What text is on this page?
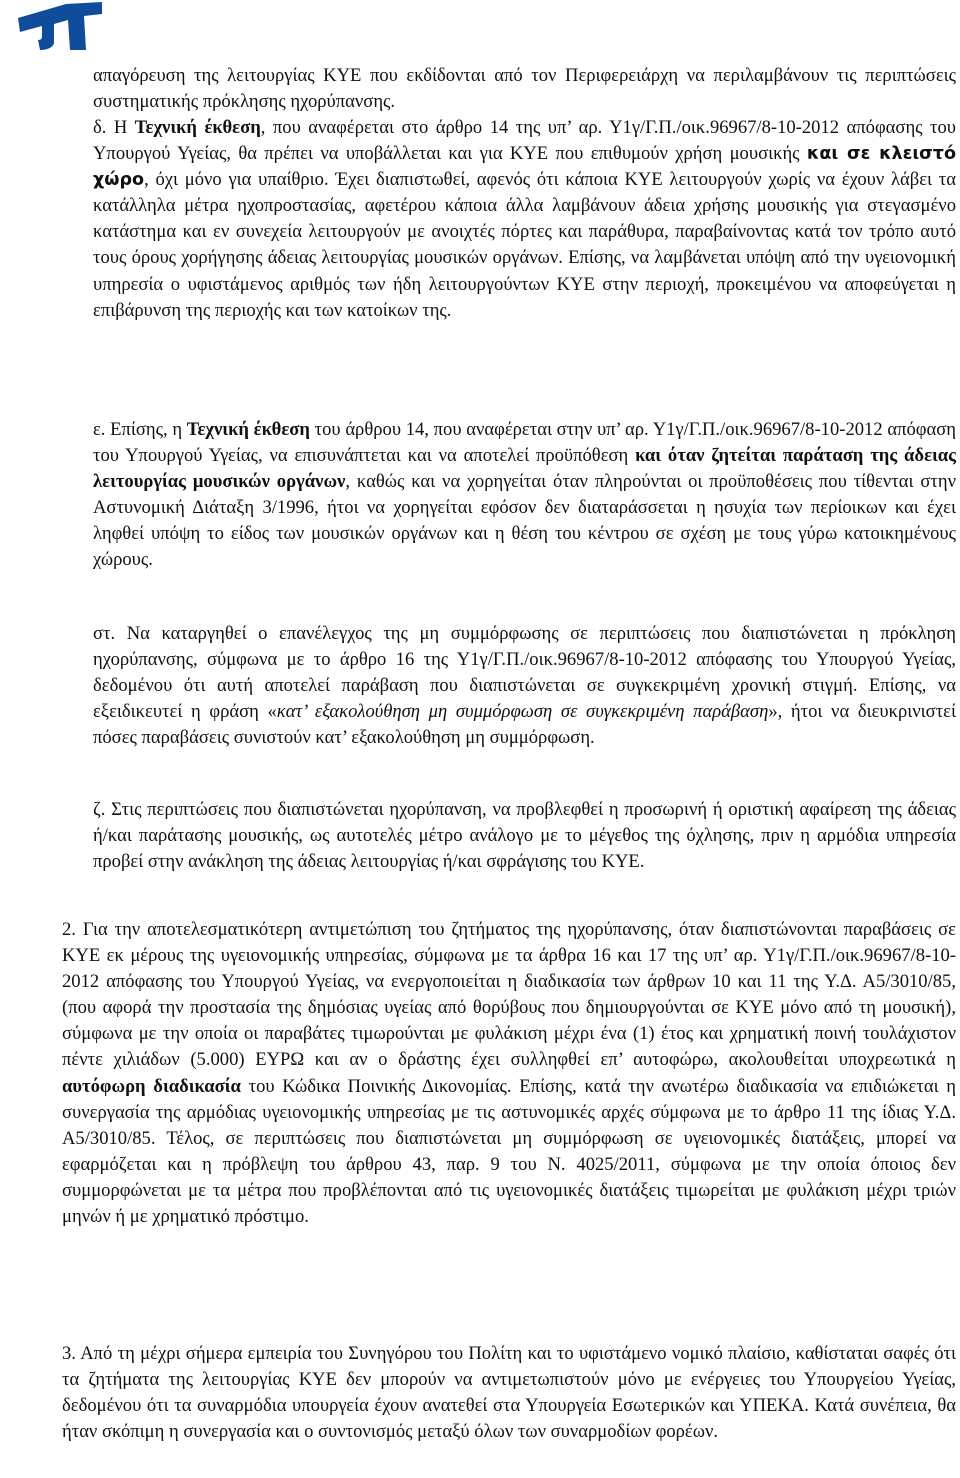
απαγόρευση της λειτουργίας ΚΥΕ που εκδίδονται από τον Περιφερειάρχη να περιλαμβάνουν τις περιπτώσεις συστηματικής πρόκλησης ηχορύπανσης.

δ. Η Τεχνική έκθεση, που αναφέρεται στο άρθρο 14 της υπ’ αρ. Υ1γ/Γ.Π./οικ.96967/8-10-2012 απόφασης του Υπουργού Υγείας, θα πρέπει να υποβάλλεται και για ΚΥΕ που επιθυμούν χρήση μουσικής και σε κλειστό χώρο, όχι μόνο για υπαίθριο. Έχει διαπιστωθεί, αφενός ότι κάποια ΚΥΕ λειτουργούν χωρίς να έχουν λάβει τα κατάλληλα μέτρα ηχοπροστασίας, αφετέρου κάποια άλλα λαμβάνουν άδεια χρήσης μουσικής για στεγασμένο κατάστημα και εν συνεχεία λειτουργούν με ανοιχτές πόρτες και παράθυρα, παραβαίνοντας κατά τον τρόπο αυτό τους όρους χορήγησης άδειας λειτουργίας μουσικών οργάνων. Επίσης, να λαμβάνεται υπόψη από την υγειονομική υπηρεσία ο υφιστάμενος αριθμός των ήδη λειτουργούντων ΚΥΕ στην περιοχή, προκειμένου να αποφεύγεται η επιβάρυνση της περιοχής και των κατοίκων της.

ε. Επίσης, η Τεχνική έκθεση του άρθρου 14, που αναφέρεται στην υπ’ αρ. Υ1γ/Γ.Π./οικ.96967/8-10-2012 απόφαση του Υπουργού Υγείας, να επισυνάπτεται και να αποτελεί προϋπόθεση και όταν ζητείται παράταση της άδειας λειτουργίας μουσικών οργάνων, καθώς και να χορηγείται όταν πληρούνται οι προϋποθέσεις που τίθενται στην Αστυνομική Διάταξη 3/1996, ήτοι να χορηγείται εφόσον δεν διαταράσσεται η ησυχία των περίοικων και έχει ληφθεί υπόψη το είδος των μουσικών οργάνων και η θέση του κέντρου σε σχέση με τους γύρω κατοικημένους χώρους.

στ. Να καταργηθεί ο επανέλεγχος της μη συμμόρφωσης σε περιπτώσεις που διαπιστώνεται η πρόκληση ηχορύπανσης, σύμφωνα με το άρθρο 16 της Υ1γ/Γ.Π./οικ.96967/8-10-2012 απόφασης του Υπουργού Υγείας, δεδομένου ότι αυτή αποτελεί παράβαση που διαπιστώνεται σε συγκεκριμένη χρονική στιγμή. Επίσης, να εξειδικευτεί η φράση «κατ’ εξακολούθηση μη συμμόρφωση σε συγκεκριμένη παράβαση», ήτοι να διευκρινιστεί πόσες παραβάσεις συνιστούν κατ’ εξακολούθηση μη συμμόρφωση.

ζ. Στις περιπτώσεις που διαπιστώνεται ηχορύπανση, να προβλεφθεί η προσωρινή ή οριστική αφαίρεση της άδειας ή/και παράτασης μουσικής, ως αυτοτελές μέτρο ανάλογο με το μέγεθος της όχλησης, πριν η αρμόδια υπηρεσία προβεί στην ανάκληση της άδειας λειτουργίας ή/και σφράγισης του ΚΥΕ.

2. Για την αποτελεσματικότερη αντιμετώπιση του ζητήματος της ηχορύπανσης, όταν διαπιστώνονται παραβάσεις σε ΚΥΕ εκ μέρους της υγειονομικής υπηρεσίας, σύμφωνα με τα άρθρα 16 και 17 της υπ’ αρ. Υ1γ/Γ.Π./οικ.96967/8-10-2012 απόφασης του Υπουργού Υγείας, να ενεργοποιείται η διαδικασία των άρθρων 10 και 11 της Υ.Δ. Α5/3010/85, (που αφορά την προστασία της δημόσιας υγείας από θορύβους που δημιουργούνται σε ΚΥΕ μόνο από τη μουσική), σύμφωνα με την οποία οι παραβάτες τιμωρούνται με φυλάκιση μέχρι ένα (1) έτος και χρηματική ποινή τουλάχιστον πέντε χιλιάδων (5.000) ΕΥΡΩ και αν ο δράστης έχει συλληφθεί επ’ αυτοφώρω, ακολουθείται υποχρεωτικά η αυτόφωρη διαδικασία του Κώδικα Ποινικής Δικονομίας. Επίσης, κατά την ανωτέρω διαδικασία να επιδιώκεται η συνεργασία της αρμόδιας υγειονομικής υπηρεσίας με τις αστυνομικές αρχές σύμφωνα με το άρθρο 11 της ίδιας Υ.Δ. Α5/3010/85. Τέλος, σε περιπτώσεις που διαπιστώνεται μη συμμόρφωση σε υγειονομικές διατάξεις, μπορεί να εφαρμόζεται και η πρόβλεψη του άρθρου 43, παρ. 9 του Ν. 4025/2011, σύμφωνα με την οποία όποιος δεν συμμορφώνεται με τα μέτρα που προβλέπονται από τις υγειονομικές διατάξεις τιμωρείται με φυλάκιση μέχρι τριών μηνών ή με χρηματικό πρόστιμο.

3. Από τη μέχρι σήμερα εμπειρία του Συνηγόρου του Πολίτη και το υφιστάμενο νομικό πλαίσιο, καθίσταται σαφές ότι τα ζητήματα της λειτουργίας ΚΥΕ δεν μπορούν να αντιμετωπιστούν μόνο με ενέργειες του Υπουργείου Υγείας, δεδομένου ότι τα συναρμόδια υπουργεία έχουν ανατεθεί στα Υπουργεία Εσωτερικών και ΥΠΕΚΑ. Κατά συνέπεια, θα ήταν σκόπιμη η συνεργασία και ο συντονισμός μεταξύ όλων των συναρμοδίων φορέων.
